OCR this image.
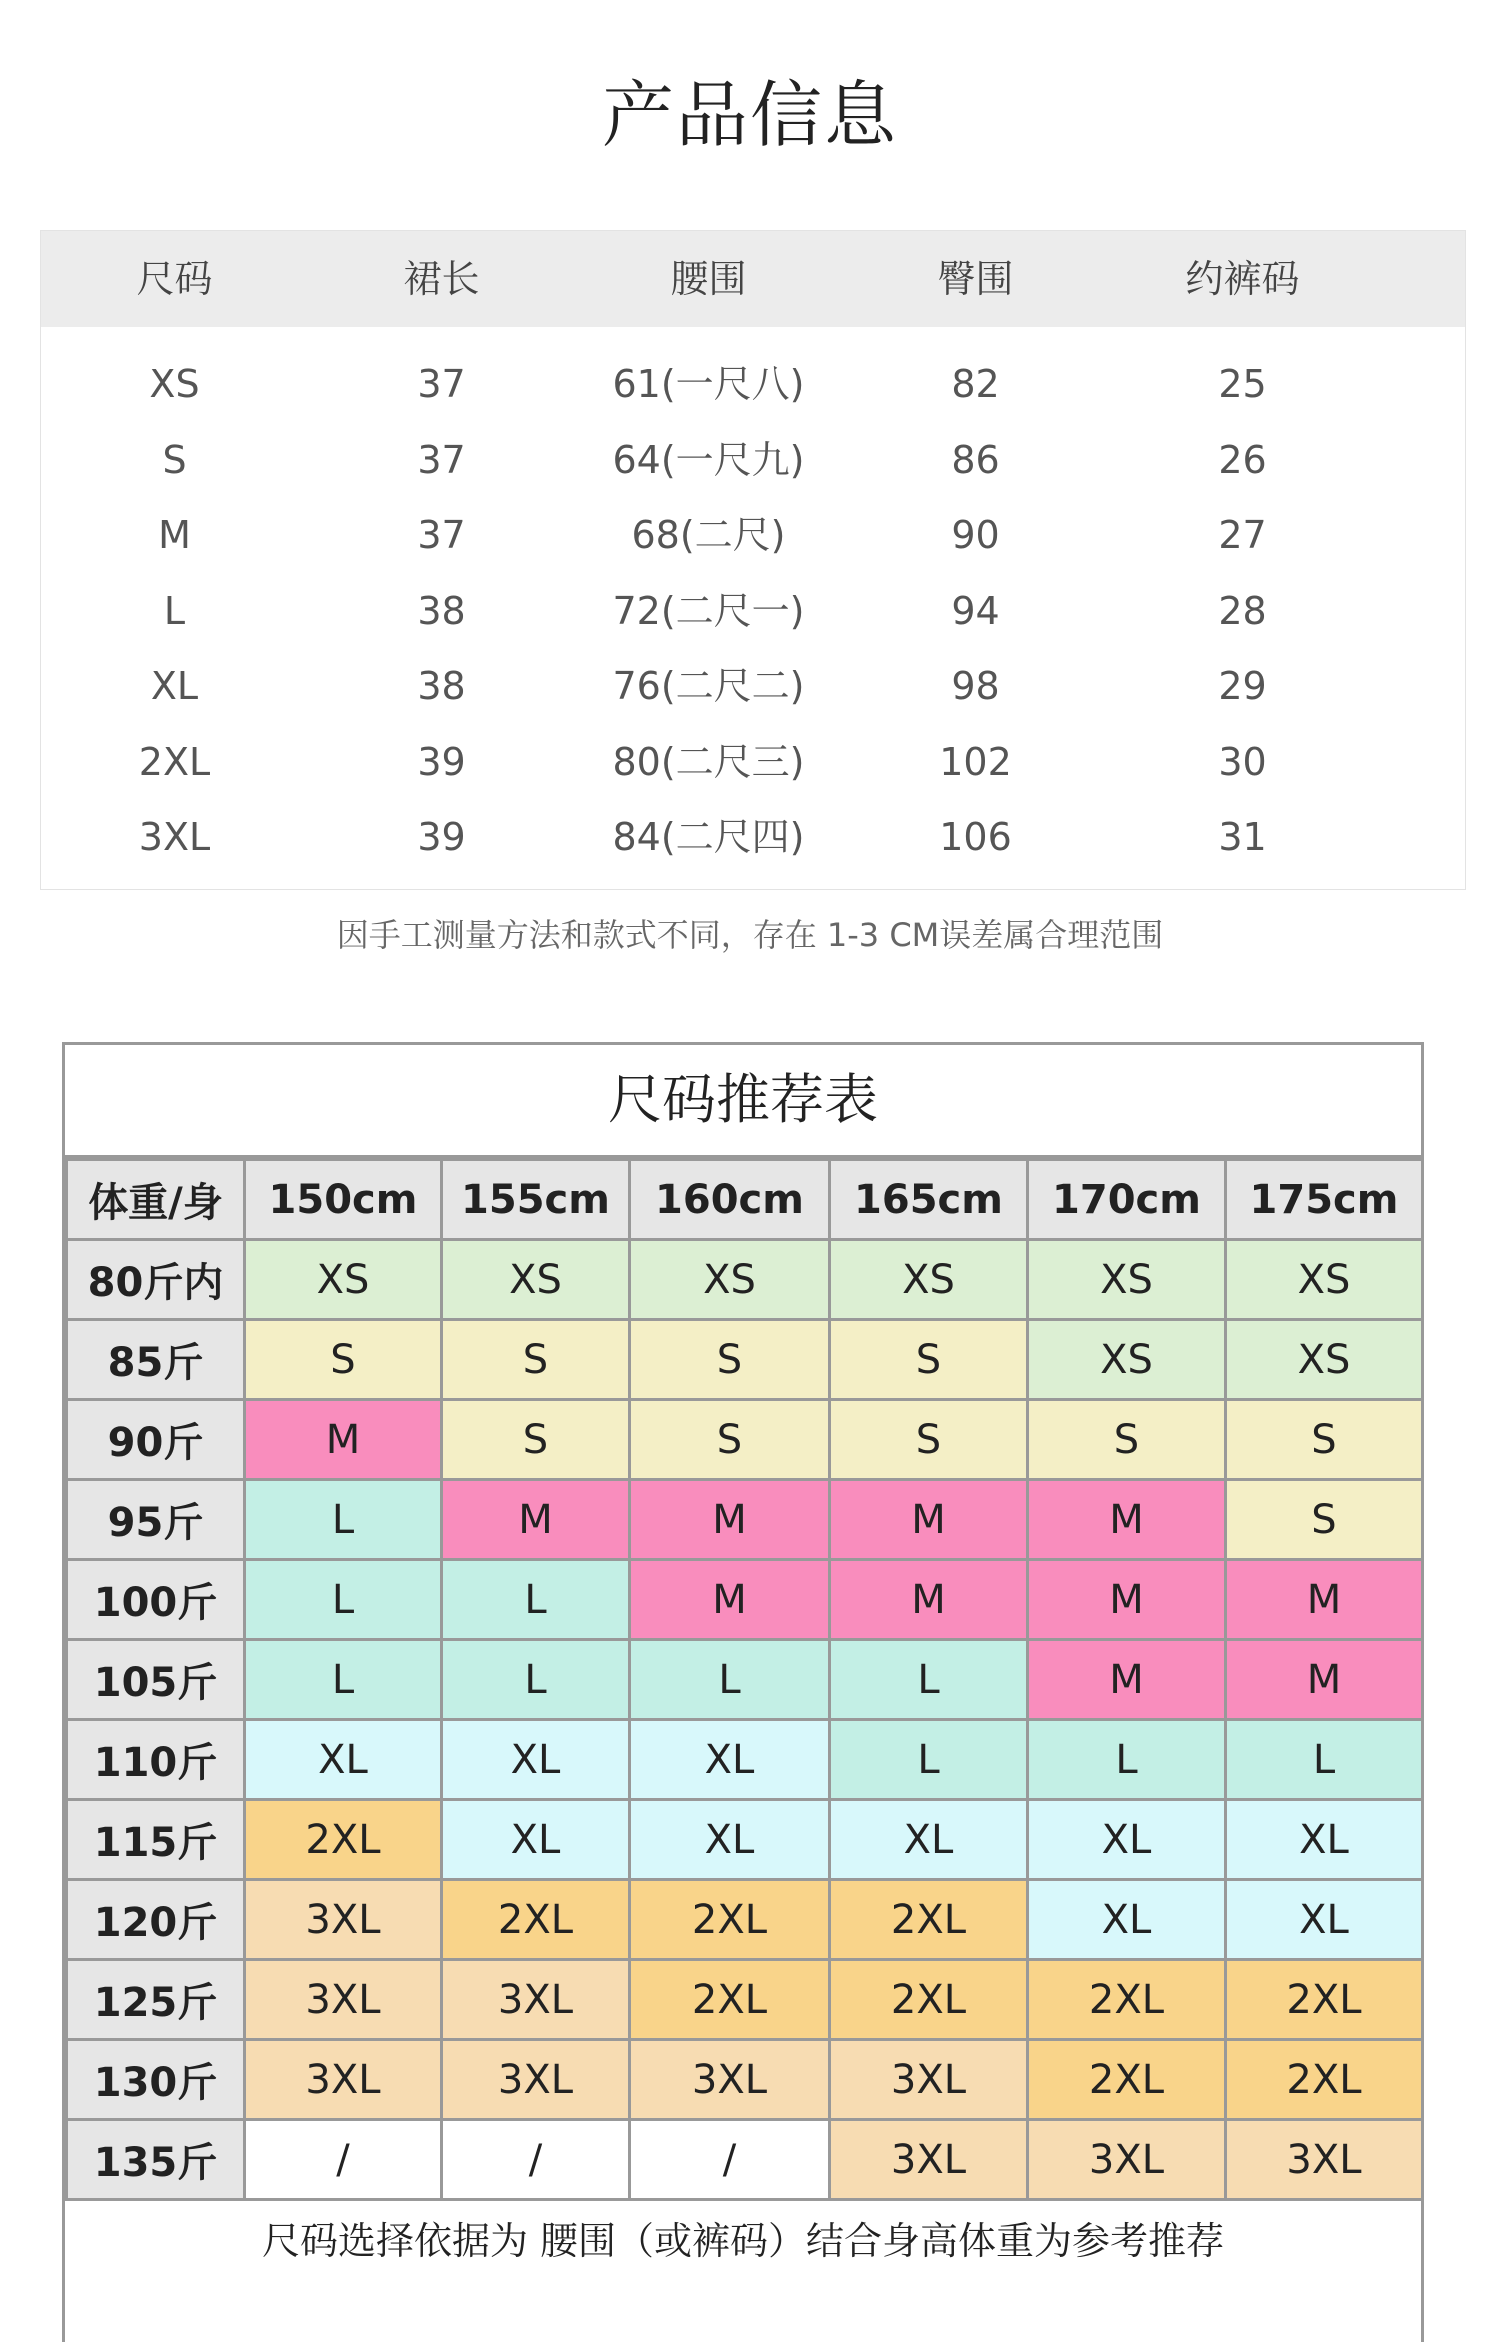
产品信息
尺码	裙长	腰围	臀围	约裤码
XS	37	61(一尺八)	82	25
S	37	64(一尺九)	86	26
M	37	68(二尺)	90	27
L	38	72(二尺一)	94	28
XL	38	76(二尺二)	98	29
2XL	39	80(二尺三)	102	30
3XL	39	84(二尺四)	106	31
因手工测量方法和款式不同，存在 1-3 CM误差属合理范围
尺码推荐表
体重/身	150cm	155cm	160cm	165cm	170cm	175cm
80斤内	XS	XS	XS	XS	XS	XS
85斤	S	S	S	S	XS	XS
90斤	M	S	S	S	S	S
95斤	L	M	M	M	M	S
100斤	L	L	M	M	M	M
105斤	L	L	L	L	M	M
110斤	XL	XL	XL	L	L	L
115斤	2XL	XL	XL	XL	XL	XL
120斤	3XL	2XL	2XL	2XL	XL	XL
125斤	3XL	3XL	2XL	2XL	2XL	2XL
130斤	3XL	3XL	3XL	3XL	2XL	2XL
135斤	/	/	/	3XL	3XL	3XL
尺码选择依据为 腰围（或裤码）结合身高体重为参考推荐
